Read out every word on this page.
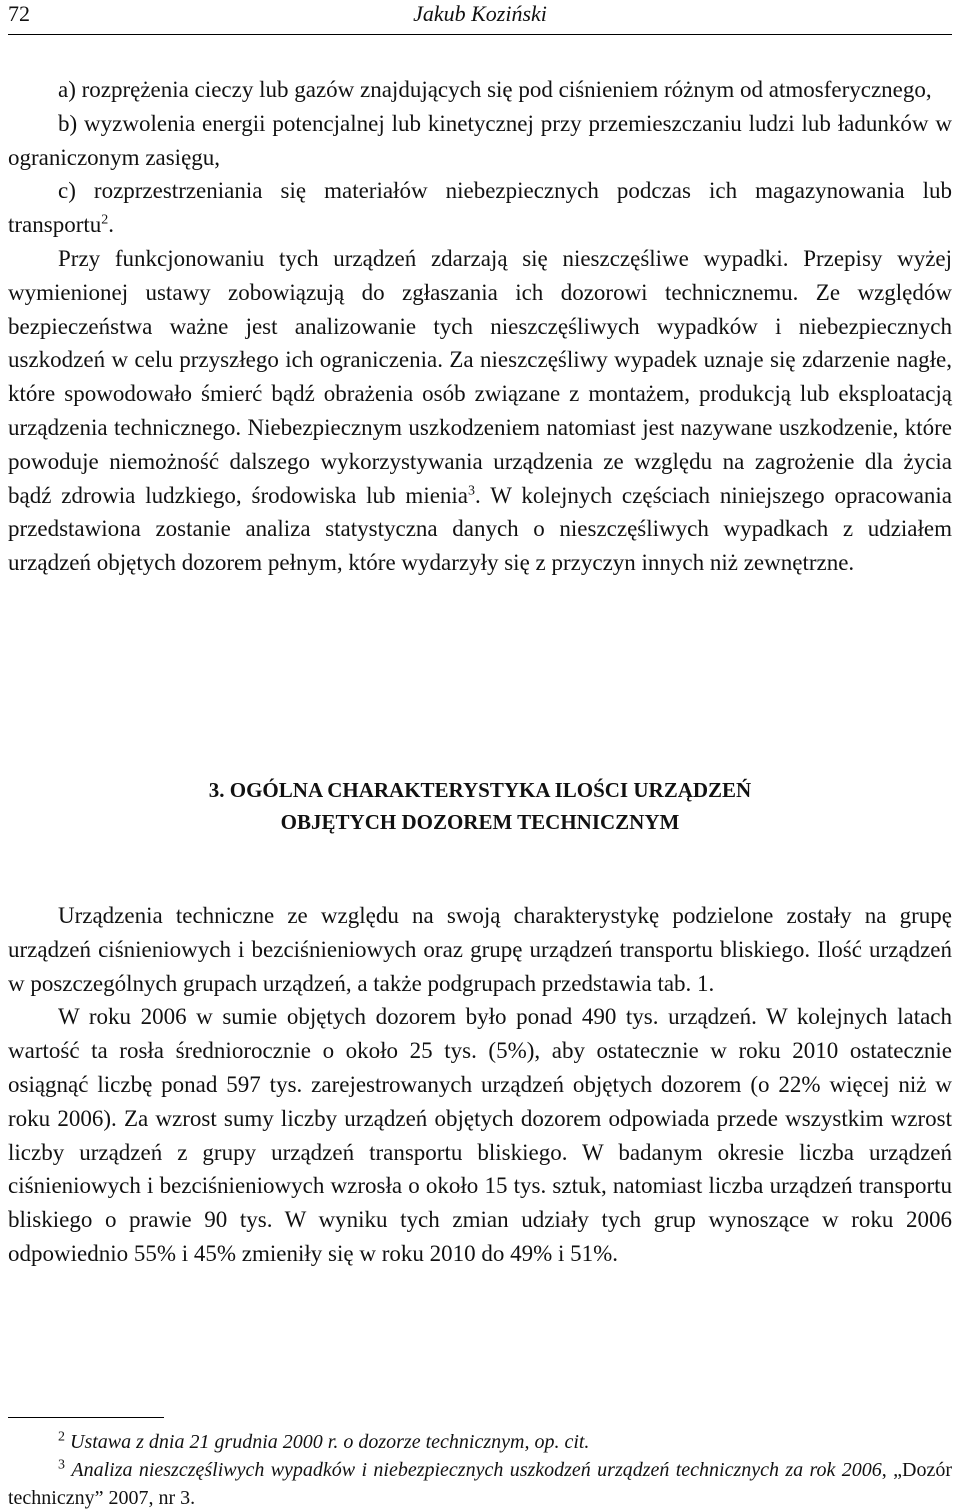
72	Jakub Koziński

a) rozprężenia cieczy lub gazów znajdujących się pod ciśnieniem różnym od atmosferycznego,

b) wyzwolenia energii potencjalnej lub kinetycznej przy przemieszczaniu ludzi lub ładunków w ograniczonym zasięgu,

c) rozprzestrzeniania się materiałów niebezpiecznych podczas ich magazynowania lub transportu$^2$.

Przy funkcjonowaniu tych urządzeń zdarzają się nieszczęśliwe wypadki. Przepisy wyżej wymienionej ustawy zobowiązują do zgłaszania ich dozorowi technicznemu. Ze względów bezpieczeństwa ważne jest analizowanie tych nieszczęśliwych wypadków i niebezpiecznych uszkodzeń w celu przyszłego ich ograniczenia. Za nieszczęśliwy wypadek uznaje się zdarzenie nagłe, które spowodowało śmierć bądź obrażenia osób związane z montażem, produkcją lub eksploatacją urządzenia technicznego. Niebezpiecznym uszkodzeniem natomiast jest nazywane uszkodzenie, które powoduje niemożność dalszego wykorzystywania urządzenia ze względu na zagrożenie dla życia bądź zdrowia ludzkiego, środowiska lub mienia$^3$. W kolejnych częściach niniejszego opracowania przedstawiona zostanie analiza statystyczna danych o nieszczęśliwych wypadkach z udziałem urządzeń objętych dozorem pełnym, które wydarzyły się z przyczyn innych niż zewnętrzne.

3. OGÓLNA CHARAKTERYSTYKA ILOŚCI URZĄDZEŃ
OBJĘTYCH DOZOREM TECHNICZNYM

Urządzenia techniczne ze względu na swoją charakterystykę podzielone zostały na grupę urządzeń ciśnieniowych i bezciśnieniowych oraz grupę urządzeń transportu bliskiego. Ilość urządzeń w poszczególnych grupach urządzeń, a także podgrupach przedstawia tab. 1.

W roku 2006 w sumie objętych dozorem było ponad 490 tys. urządzeń. W kolejnych latach wartość ta rosła średniorocznie o około 25 tys. (5%), aby ostatecznie w roku 2010 ostatecznie osiągnąć liczbę ponad 597 tys. zarejestrowanych urządzeń objętych dozorem (o 22% więcej niż w roku 2006). Za wzrost sumy liczby urządzeń objętych dozorem odpowiada przede wszystkim wzrost liczby urządzeń z grupy urządzeń transportu bliskiego. W badanym okresie liczba urządzeń ciśnieniowych i bezciśnieniowych wzrosła o około 15 tys. sztuk, natomiast liczba urządzeń transportu bliskiego o prawie 90 tys. W wyniku tych zmian udziały tych grup wynoszące w roku 2006 odpowiednio 55% i 45% zmieniły się w roku 2010 do 49% i 51%.

$^2$ Ustawa z dnia 21 grudnia 2000 r. o dozorze technicznym, op. cit.

$^3$ Analiza nieszczęśliwych wypadków i niebezpiecznych uszkodzeń urządzeń technicznych za rok 2006, „Dozór techniczny” 2007, nr 3.
